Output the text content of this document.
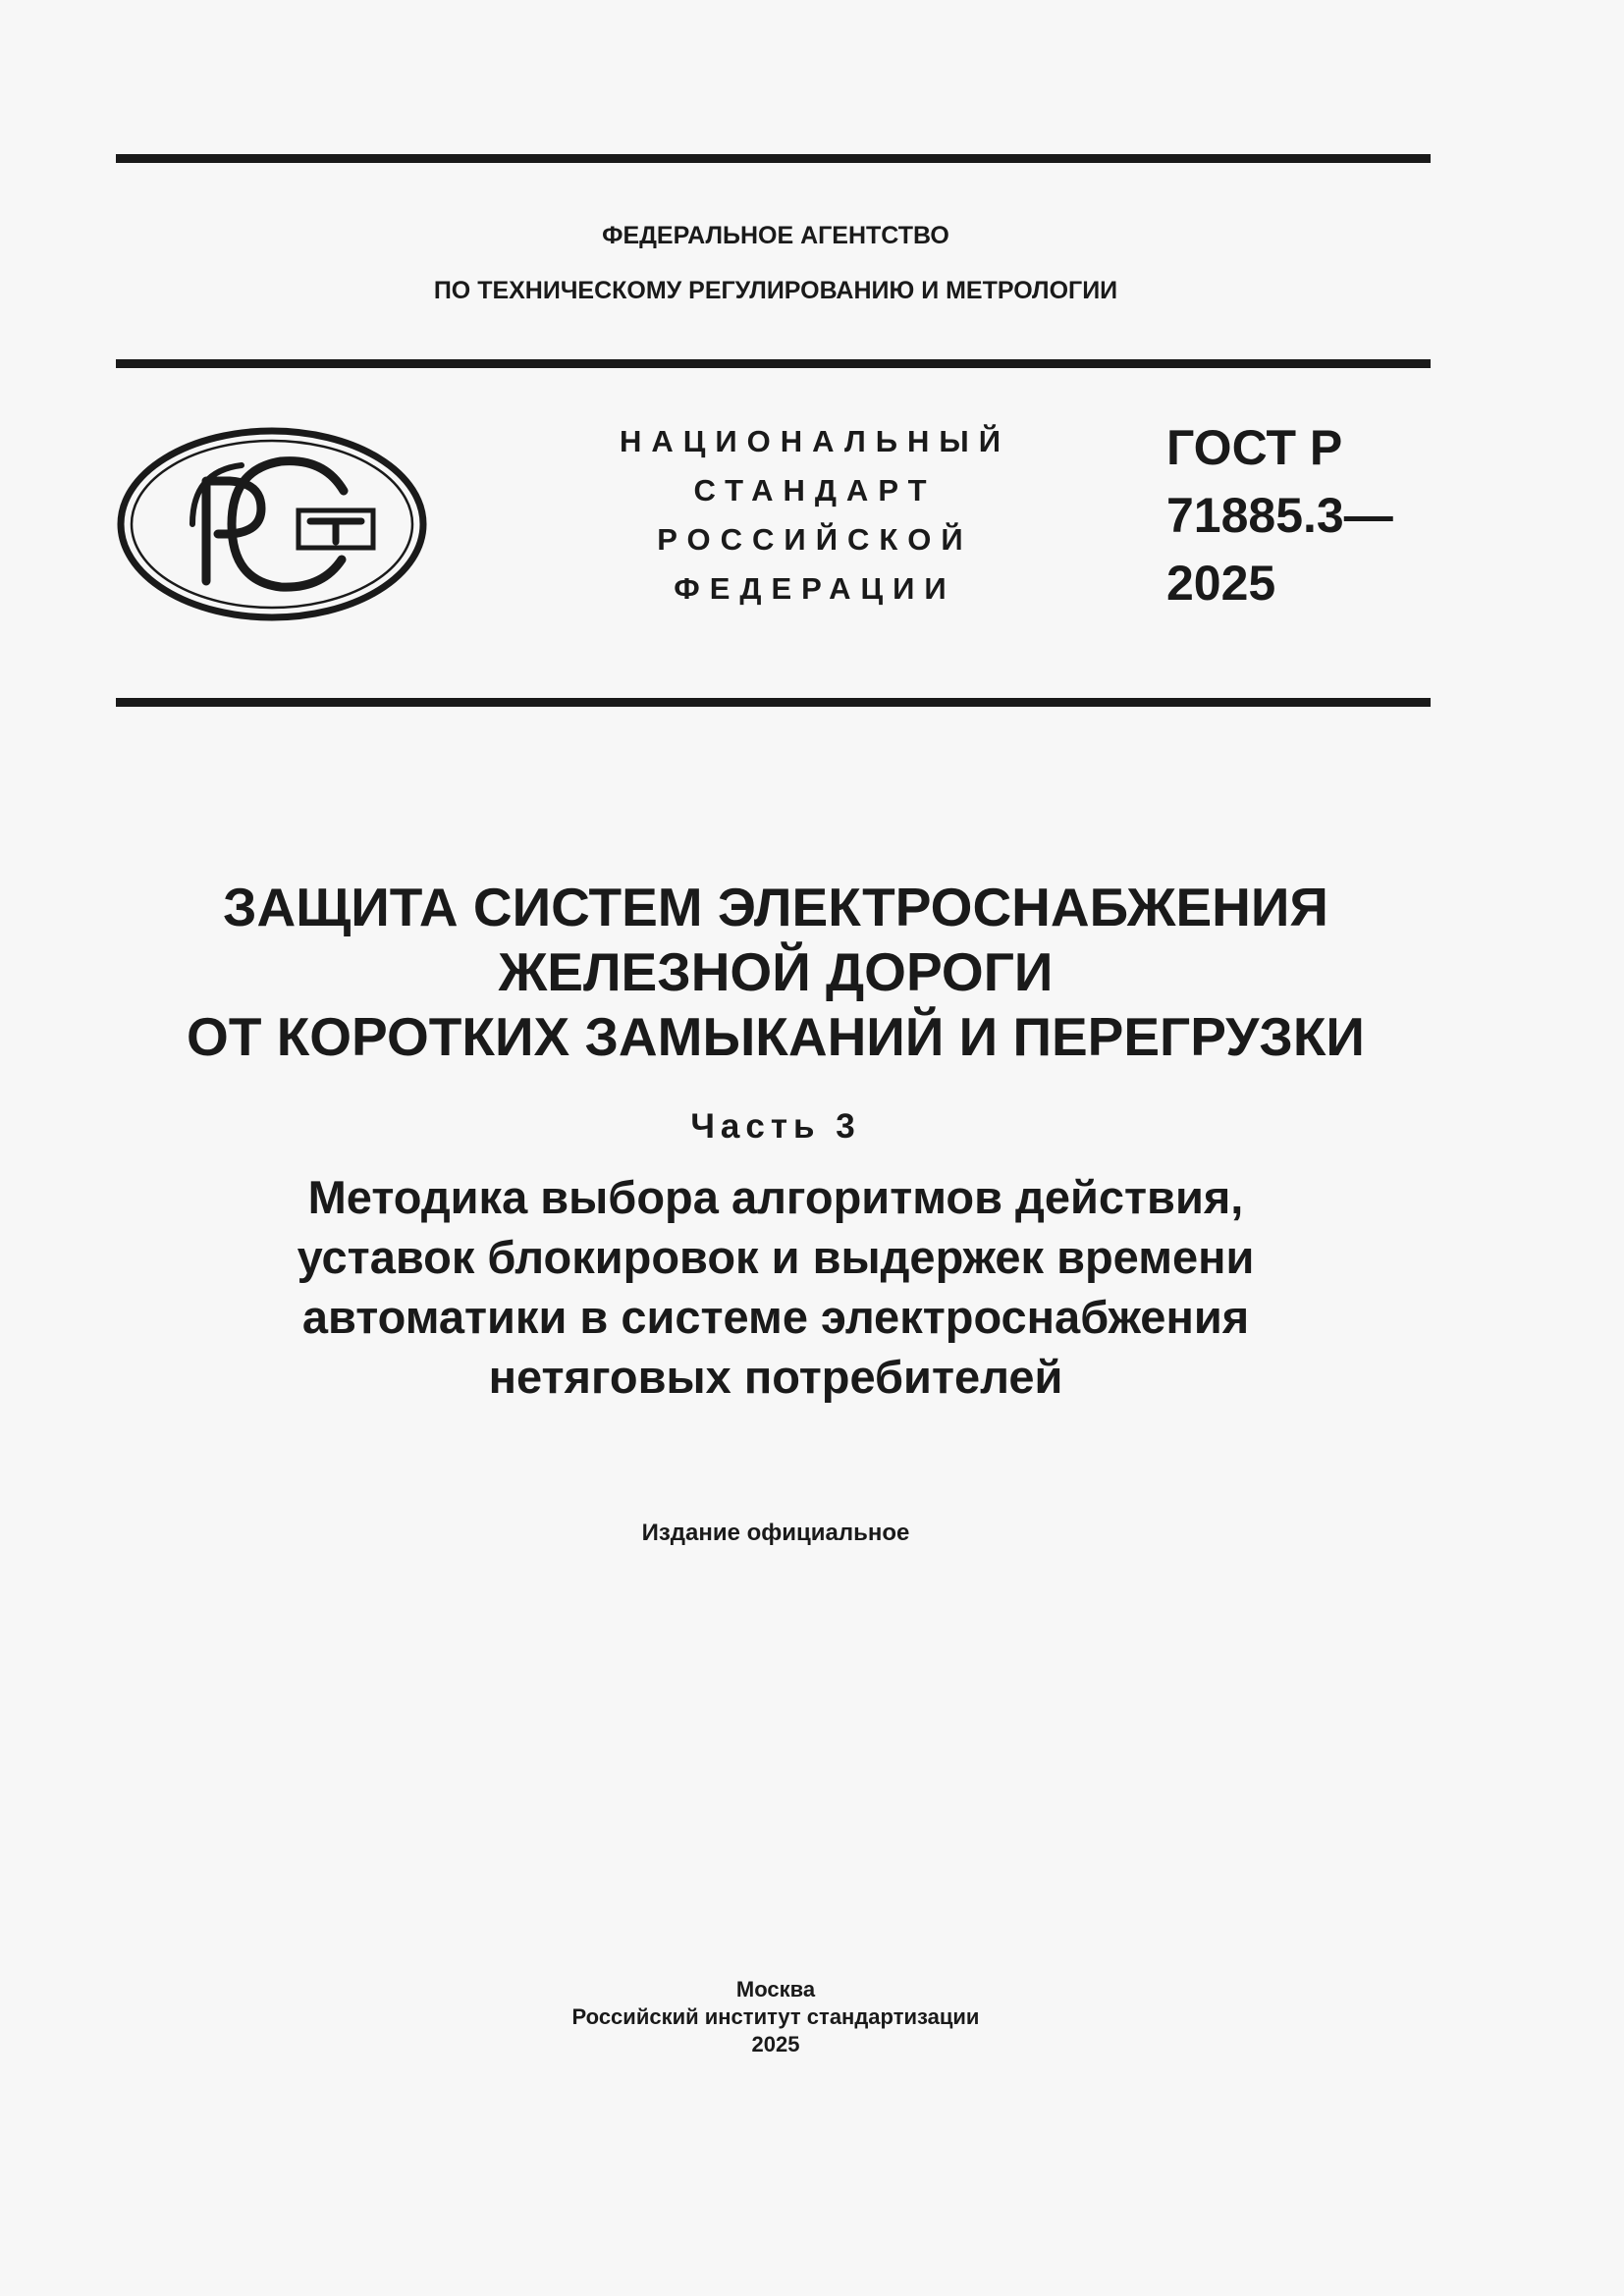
ФЕДЕРАЛЬНОЕ АГЕНТСТВО
ПО ТЕХНИЧЕСКОМУ РЕГУЛИРОВАНИЮ И МЕТРОЛОГИИ
НАЦИОНАЛЬНЫЙ
СТАНДАРТ
РОССИЙСКОЙ
ФЕДЕРАЦИИ
ГОСТ Р
71885.3—
2025
ЗАЩИТА СИСТЕМ ЭЛЕКТРОСНАБЖЕНИЯ
ЖЕЛЕЗНОЙ ДОРОГИ
ОТ КОРОТКИХ ЗАМЫКАНИЙ И ПЕРЕГРУЗКИ
Часть 3
Методика выбора алгоритмов действия,
уставок блокировок и выдержек времени
автоматики в системе электроснабжения
нетяговых потребителей
Издание официальное
Москва
Российский институт стандартизации
2025
